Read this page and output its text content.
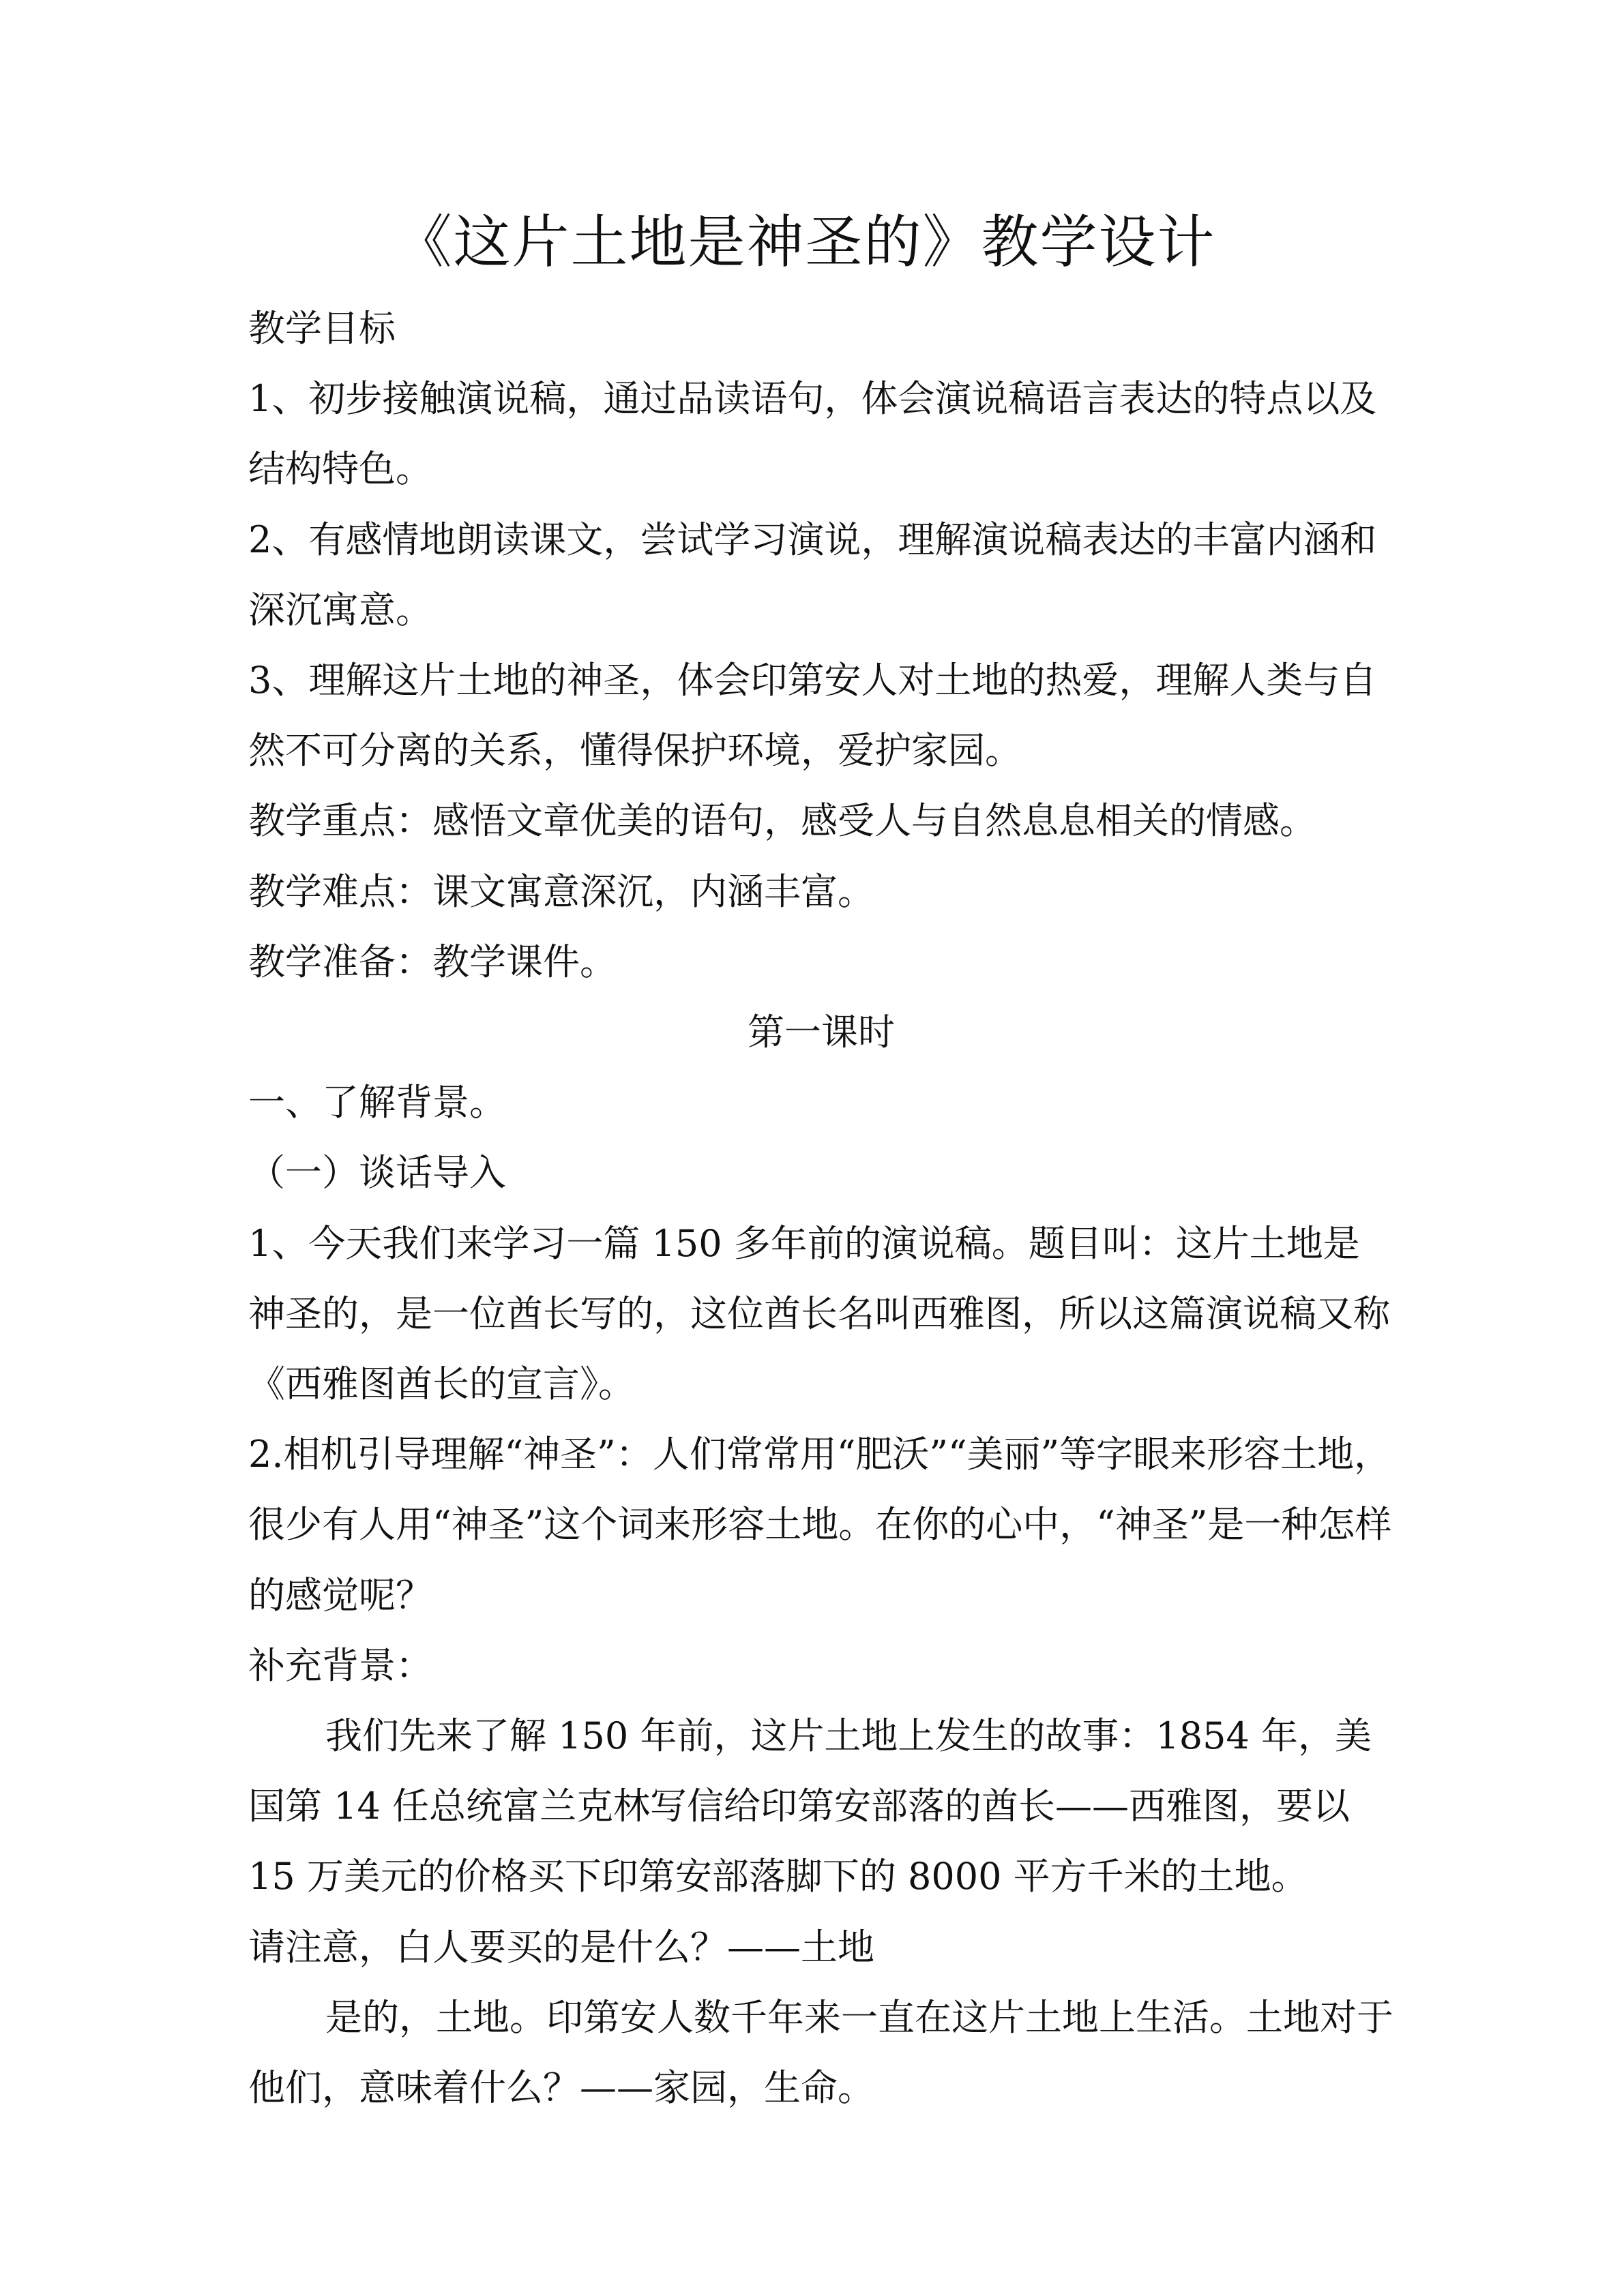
《这片土地是神圣的》教学设计

教学目标

1、初步接触演说稿，通过品读语句，体会演说稿语言表达的特点以及结构特色。

2、有感情地朗读课文，尝试学习演说，理解演说稿表达的丰富内涵和深沉寓意。

3、理解这片土地的神圣，体会印第安人对土地的热爱，理解人类与自然不可分离的关系，懂得保护环境，爱护家园。

教学重点：感悟文章优美的语句，感受人与自然息息相关的情感。

教学难点：课文寓意深沉，内涵丰富。

教学准备：教学课件。

第一课时

一、了解背景。

（一）谈话导入

1、今天我们来学习一篇 150 多年前的演说稿。题目叫：这片土地是神圣的，是一位酋长写的，这位酋长名叫西雅图，所以这篇演说稿又称《西雅图酋长的宣言》。

2.相机引导理解“神圣”：人们常常用“肥沃”“美丽”等字眼来形容土地，很少有人用“神圣”这个词来形容土地。在你的心中，“神圣”是一种怎样的感觉呢？

补充背景：

我们先来了解 150 年前，这片土地上发生的故事：1854 年，美国第 14 任总统富兰克林写信给印第安部落的酋长——西雅图，要以15 万美元的价格买下印第安部落脚下的 8000 平方千米的土地。

请注意，白人要买的是什么？——土地

是的，土地。印第安人数千年来一直在这片土地上生活。土地对于他们，意味着什么？——家园，生命。
